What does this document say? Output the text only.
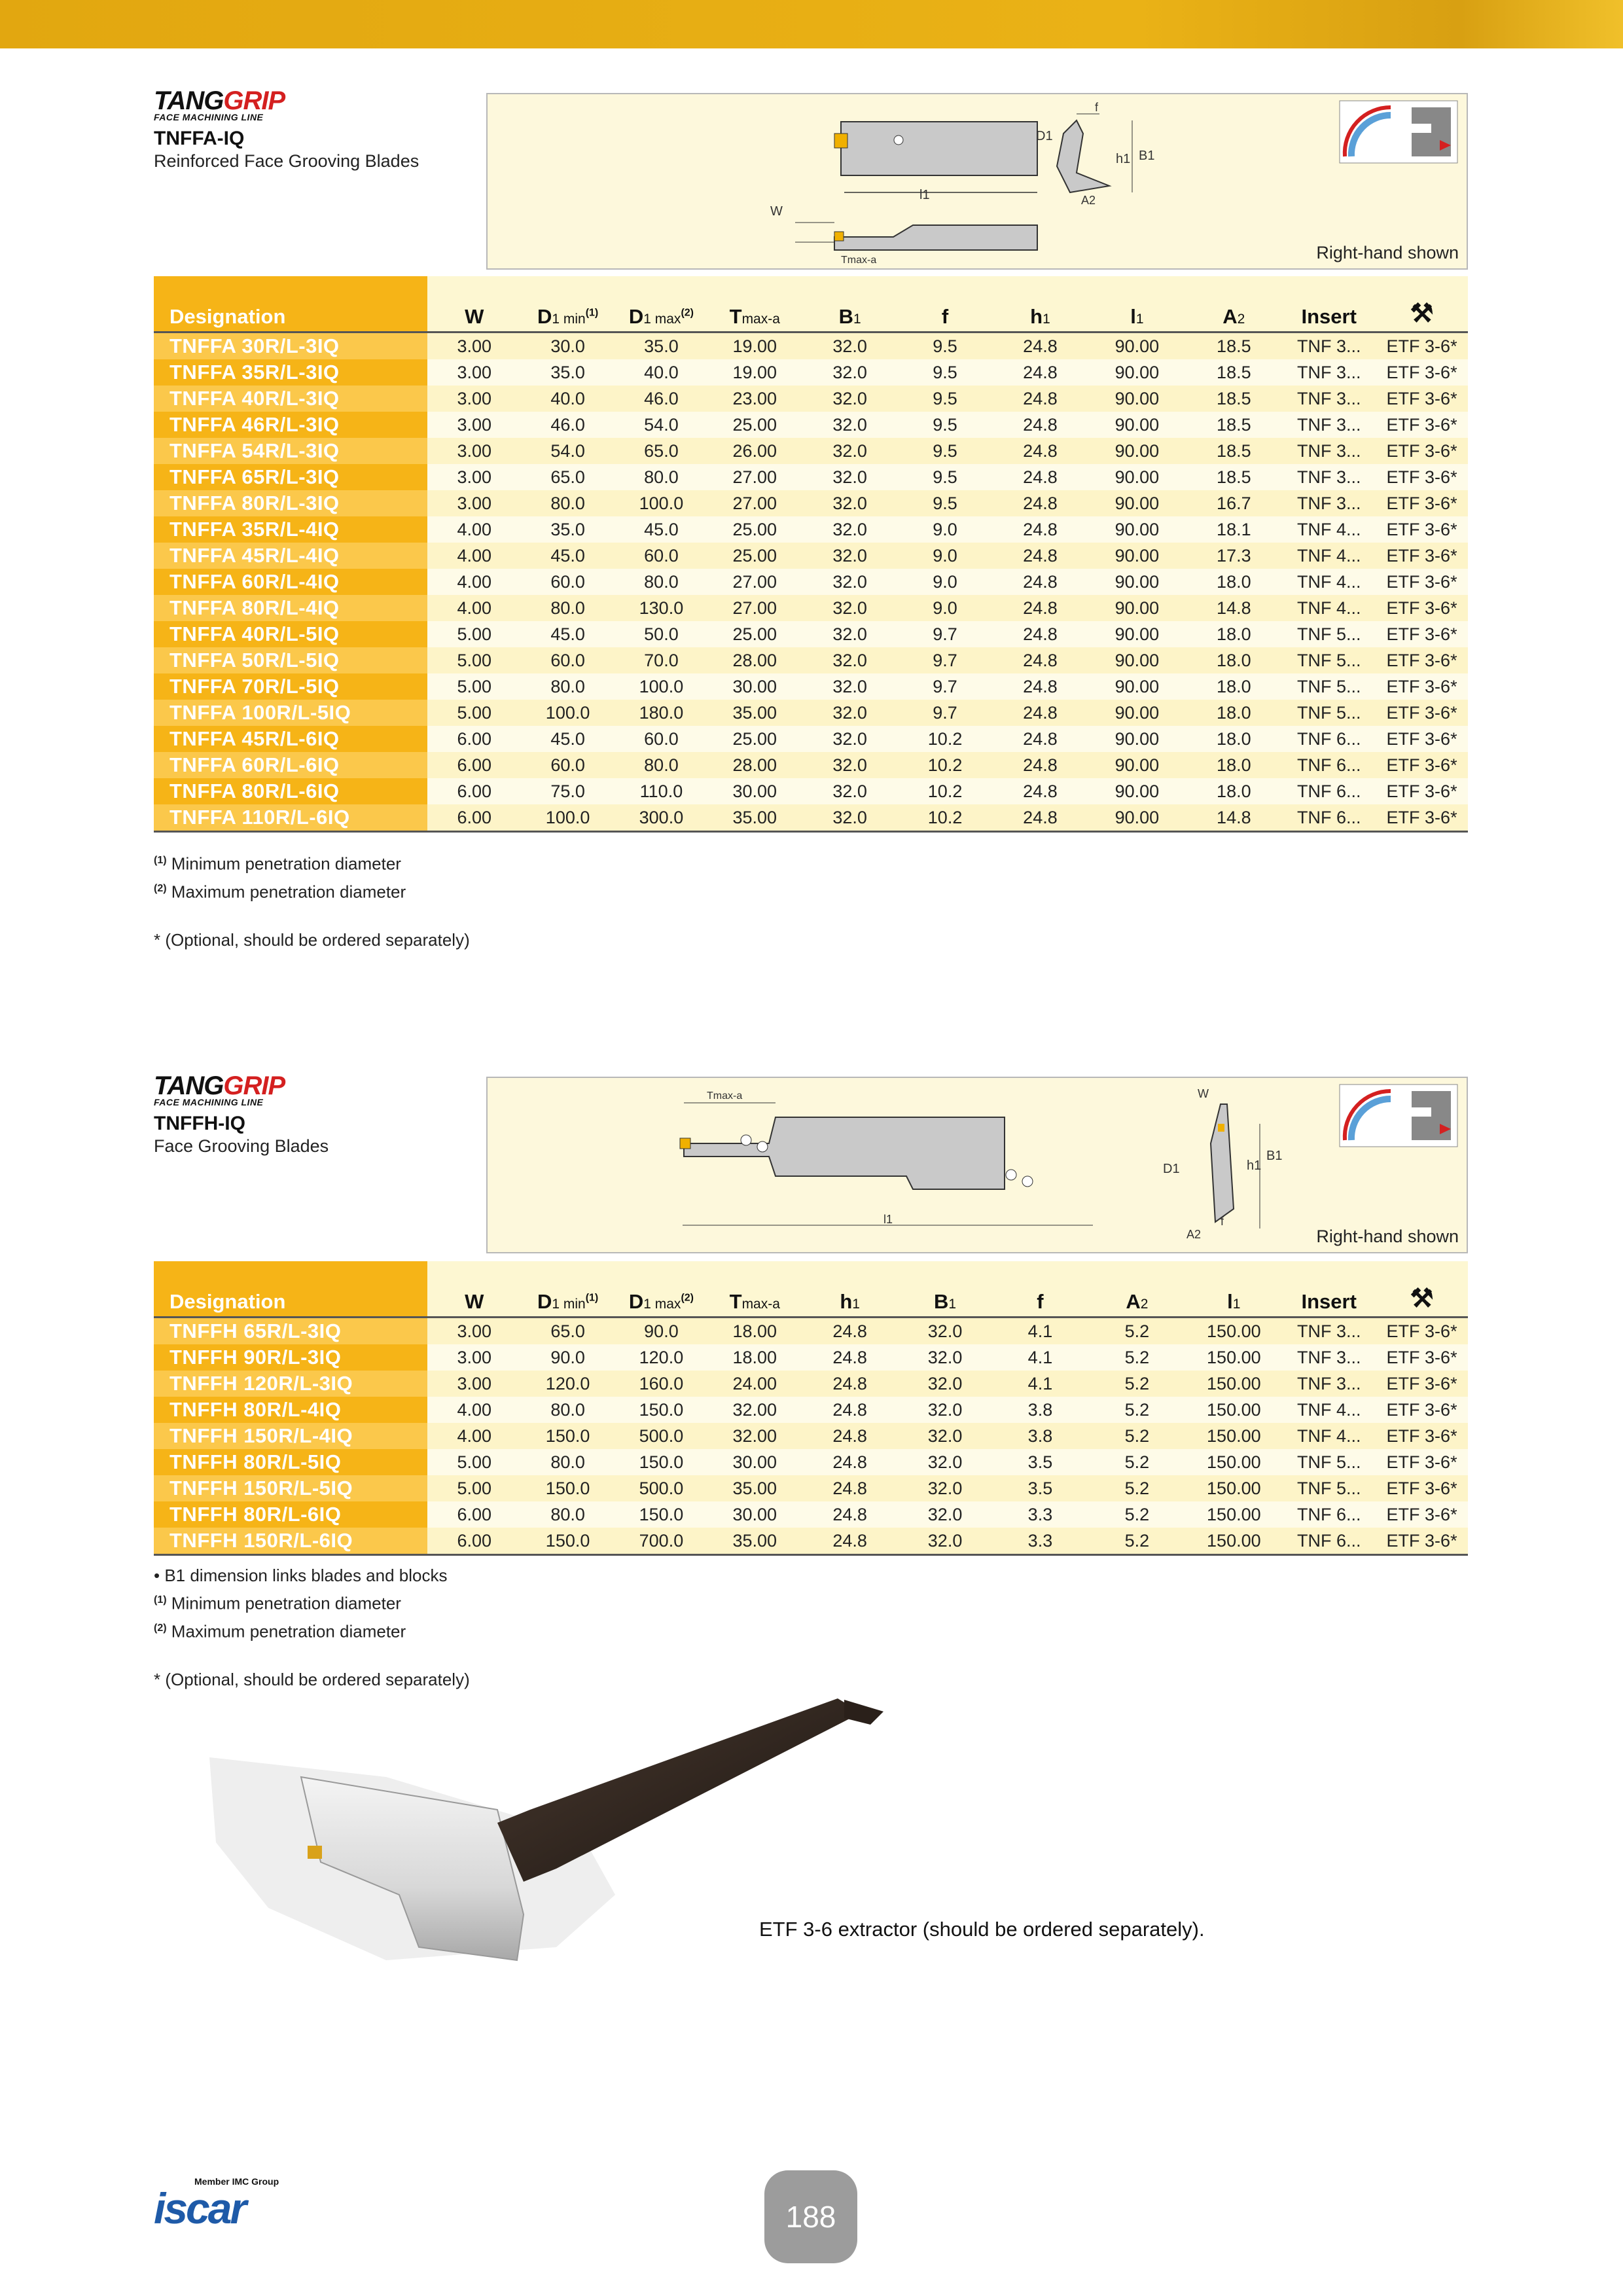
TANGGRIP
FACE MACHINING LINE
TNFFA-IQ
Reinforced Face Grooving Blades
l1
W
Tmax-a
f
D1
h1 B1
A2
Right-hand shown
Designation	W	D1 $\min^{(1)}$	D1 $\max^{(2)}$	Tmax-a	B1	f	h1	l1	A2	Insert	⚒
TNFFA 30R/L-3IQ	3.00	30.0	35.0	19.00	32.0	9.5	24.8	90.00	18.5	TNF 3...	ETF 3-6*
TNFFA 35R/L-3IQ	3.00	35.0	40.0	19.00	32.0	9.5	24.8	90.00	18.5	TNF 3...	ETF 3-6*
TNFFA 40R/L-3IQ	3.00	40.0	46.0	23.00	32.0	9.5	24.8	90.00	18.5	TNF 3...	ETF 3-6*
TNFFA 46R/L-3IQ	3.00	46.0	54.0	25.00	32.0	9.5	24.8	90.00	18.5	TNF 3...	ETF 3-6*
TNFFA 54R/L-3IQ	3.00	54.0	65.0	26.00	32.0	9.5	24.8	90.00	18.5	TNF 3...	ETF 3-6*
TNFFA 65R/L-3IQ	3.00	65.0	80.0	27.00	32.0	9.5	24.8	90.00	18.5	TNF 3...	ETF 3-6*
TNFFA 80R/L-3IQ	3.00	80.0	100.0	27.00	32.0	9.5	24.8	90.00	16.7	TNF 3...	ETF 3-6*
TNFFA 35R/L-4IQ	4.00	35.0	45.0	25.00	32.0	9.0	24.8	90.00	18.1	TNF 4...	ETF 3-6*
TNFFA 45R/L-4IQ	4.00	45.0	60.0	25.00	32.0	9.0	24.8	90.00	17.3	TNF 4...	ETF 3-6*
TNFFA 60R/L-4IQ	4.00	60.0	80.0	27.00	32.0	9.0	24.8	90.00	18.0	TNF 4...	ETF 3-6*
TNFFA 80R/L-4IQ	4.00	80.0	130.0	27.00	32.0	9.0	24.8	90.00	14.8	TNF 4...	ETF 3-6*
TNFFA 40R/L-5IQ	5.00	45.0	50.0	25.00	32.0	9.7	24.8	90.00	18.0	TNF 5...	ETF 3-6*
TNFFA 50R/L-5IQ	5.00	60.0	70.0	28.00	32.0	9.7	24.8	90.00	18.0	TNF 5...	ETF 3-6*
TNFFA 70R/L-5IQ	5.00	80.0	100.0	30.00	32.0	9.7	24.8	90.00	18.0	TNF 5...	ETF 3-6*
TNFFA 100R/L-5IQ	5.00	100.0	180.0	35.00	32.0	9.7	24.8	90.00	18.0	TNF 5...	ETF 3-6*
TNFFA 45R/L-6IQ	6.00	45.0	60.0	25.00	32.0	10.2	24.8	90.00	18.0	TNF 6...	ETF 3-6*
TNFFA 60R/L-6IQ	6.00	60.0	80.0	28.00	32.0	10.2	24.8	90.00	18.0	TNF 6...	ETF 3-6*
TNFFA 80R/L-6IQ	6.00	75.0	110.0	30.00	32.0	10.2	24.8	90.00	18.0	TNF 6...	ETF 3-6*
TNFFA 110R/L-6IQ	6.00	100.0	300.0	35.00	32.0	10.2	24.8	90.00	14.8	TNF 6...	ETF 3-6*
$^{(1)}$ Minimum penetration diameter
$^{(2)}$ Maximum penetration diameter
* (Optional, should be ordered separately)
TANGGRIP
FACE MACHINING LINE
TNFFH-IQ
Face Grooving Blades
Tmax-a
l1
W
D1
B1
h1
A2
f
Right-hand shown
Designation	W	D1 $\min^{(1)}$	D1 $\max^{(2)}$	Tmax-a	h1	B1	f	A2	l1	Insert	⚒
TNFFH 65R/L-3IQ	3.00	65.0	90.0	18.00	24.8	32.0	4.1	5.2	150.00	TNF 3...	ETF 3-6*
TNFFH 90R/L-3IQ	3.00	90.0	120.0	18.00	24.8	32.0	4.1	5.2	150.00	TNF 3...	ETF 3-6*
TNFFH 120R/L-3IQ	3.00	120.0	160.0	24.00	24.8	32.0	4.1	5.2	150.00	TNF 3...	ETF 3-6*
TNFFH 80R/L-4IQ	4.00	80.0	150.0	32.00	24.8	32.0	3.8	5.2	150.00	TNF 4...	ETF 3-6*
TNFFH 150R/L-4IQ	4.00	150.0	500.0	32.00	24.8	32.0	3.8	5.2	150.00	TNF 4...	ETF 3-6*
TNFFH 80R/L-5IQ	5.00	80.0	150.0	30.00	24.8	32.0	3.5	5.2	150.00	TNF 5...	ETF 3-6*
TNFFH 150R/L-5IQ	5.00	150.0	500.0	35.00	24.8	32.0	3.5	5.2	150.00	TNF 5...	ETF 3-6*
TNFFH 80R/L-6IQ	6.00	80.0	150.0	30.00	24.8	32.0	3.3	5.2	150.00	TNF 6...	ETF 3-6*
TNFFH 150R/L-6IQ	6.00	150.0	700.0	35.00	24.8	32.0	3.3	5.2	150.00	TNF 6...	ETF 3-6*
• B1 dimension links blades and blocks
$^{(1)}$ Minimum penetration diameter
$^{(2)}$ Maximum penetration diameter
* (Optional, should be ordered separately)
ETF 3-6 extractor (should be ordered separately).
Member IMC Group
iscar	188
